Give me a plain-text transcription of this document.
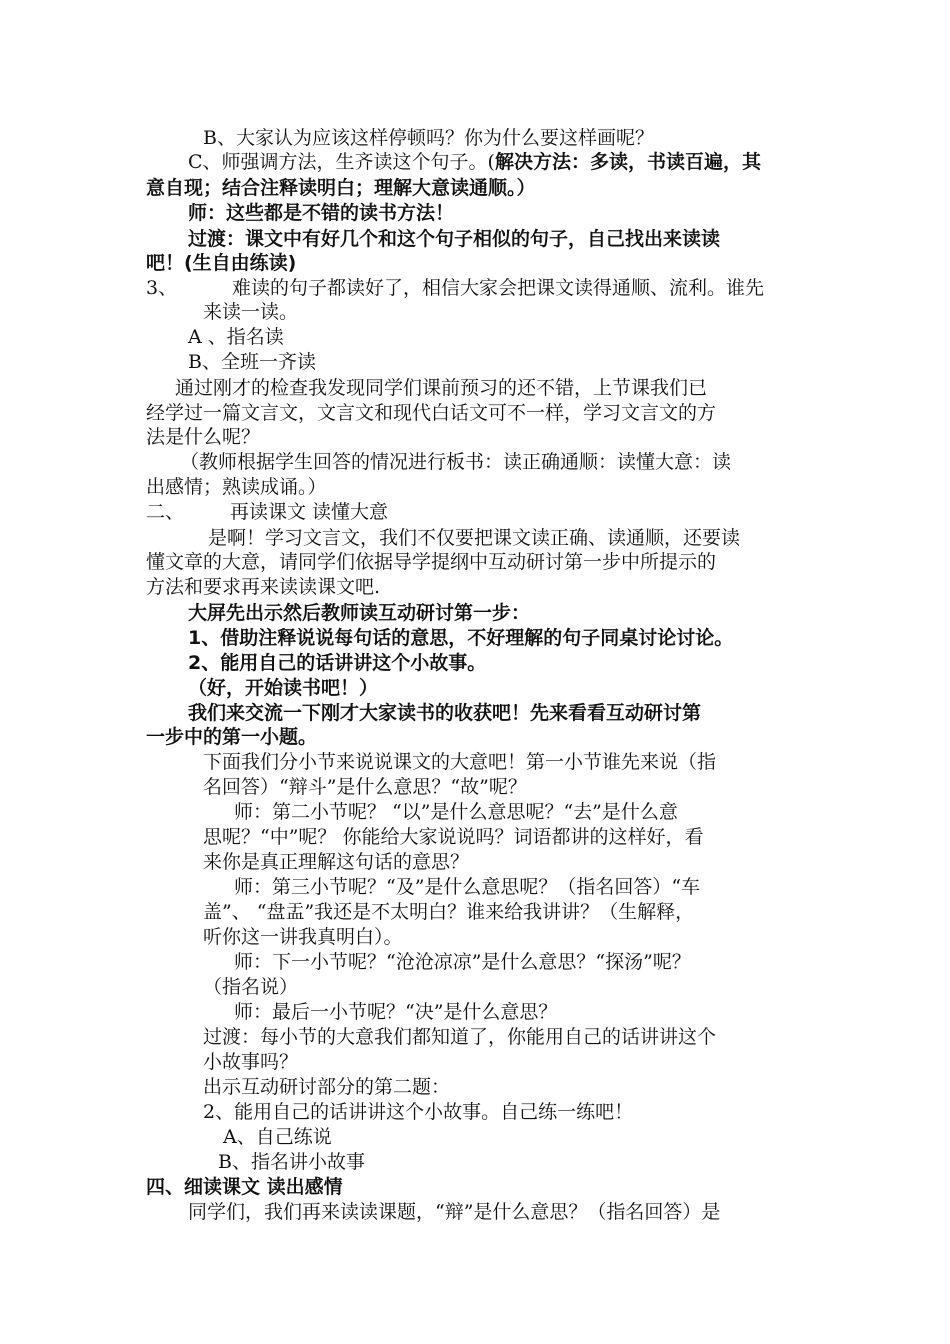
B、大家认为应该这样停顿吗？你为什么要这样画呢？
C、师强调方法，生齐读这个句子。(解决方法：多读，书读百遍，其
意自现；结合注释读明白；理解大意读通顺。）
师：这些都是不错的读书方法！
过渡：课文中有好几个和这个句子相似的句子，自己找出来读读
吧！(生自由练读)
3、	难读的句子都读好了，相信大家会把课文读得通顺、流利。谁先
来读一读。
A 、指名读
B、全班一齐读
通过刚才的检查我发现同学们课前预习的还不错，上节课我们已
经学过一篇文言文，文言文和现代白话文可不一样，学习文言文的方
法是什么呢？
（教师根据学生回答的情况进行板书：读正确通顺：读懂大意：读
出感情；熟读成诵。）
二、 再读课文 读懂大意
是啊！学习文言文，我们不仅要把课文读正确、读通顺，还要读
懂文章的大意，请同学们依据导学提纲中互动研讨第一步中所提示的
方法和要求再来读读课文吧.
大屏先出示然后教师读互动研讨第一步：
1、借助注释说说每句话的意思，不好理解的句子同桌讨论讨论。
2、能用自己的话讲讲这个小故事。
（好，开始读书吧！）
我们来交流一下刚才大家读书的收获吧！先来看看互动研讨第
一步中的第一小题。
下面我们分小节来说说课文的大意吧！第一小节谁先来说（指
名回答）“辩斗”是什么意思？“故”呢？
师：第二小节呢？ “以”是什么意思呢？“去”是什么意
思呢？“中”呢？ 你能给大家说说吗？词语都讲的这样好，看
来你是真正理解这句话的意思？
师：第三小节呢？“及”是什么意思呢？（指名回答）“车
盖”、 “盘盂”我还是不太明白？谁来给我讲讲？（生解释，
听你这一讲我真明白）。
师：下一小节呢？“沧沧凉凉”是什么意思？“探汤”呢？
（指名说）
师：最后一小节呢？“决”是什么意思？
过渡：每小节的大意我们都知道了，你能用自己的话讲讲这个
小故事吗？
出示互动研讨部分的第二题：
2、能用自己的话讲讲这个小故事。自己练一练吧！
A、自己练说
B、指名讲小故事
四、细读课文 读出感情
同学们，我们再来读读课题，“辩”是什么意思？（指名回答）是
